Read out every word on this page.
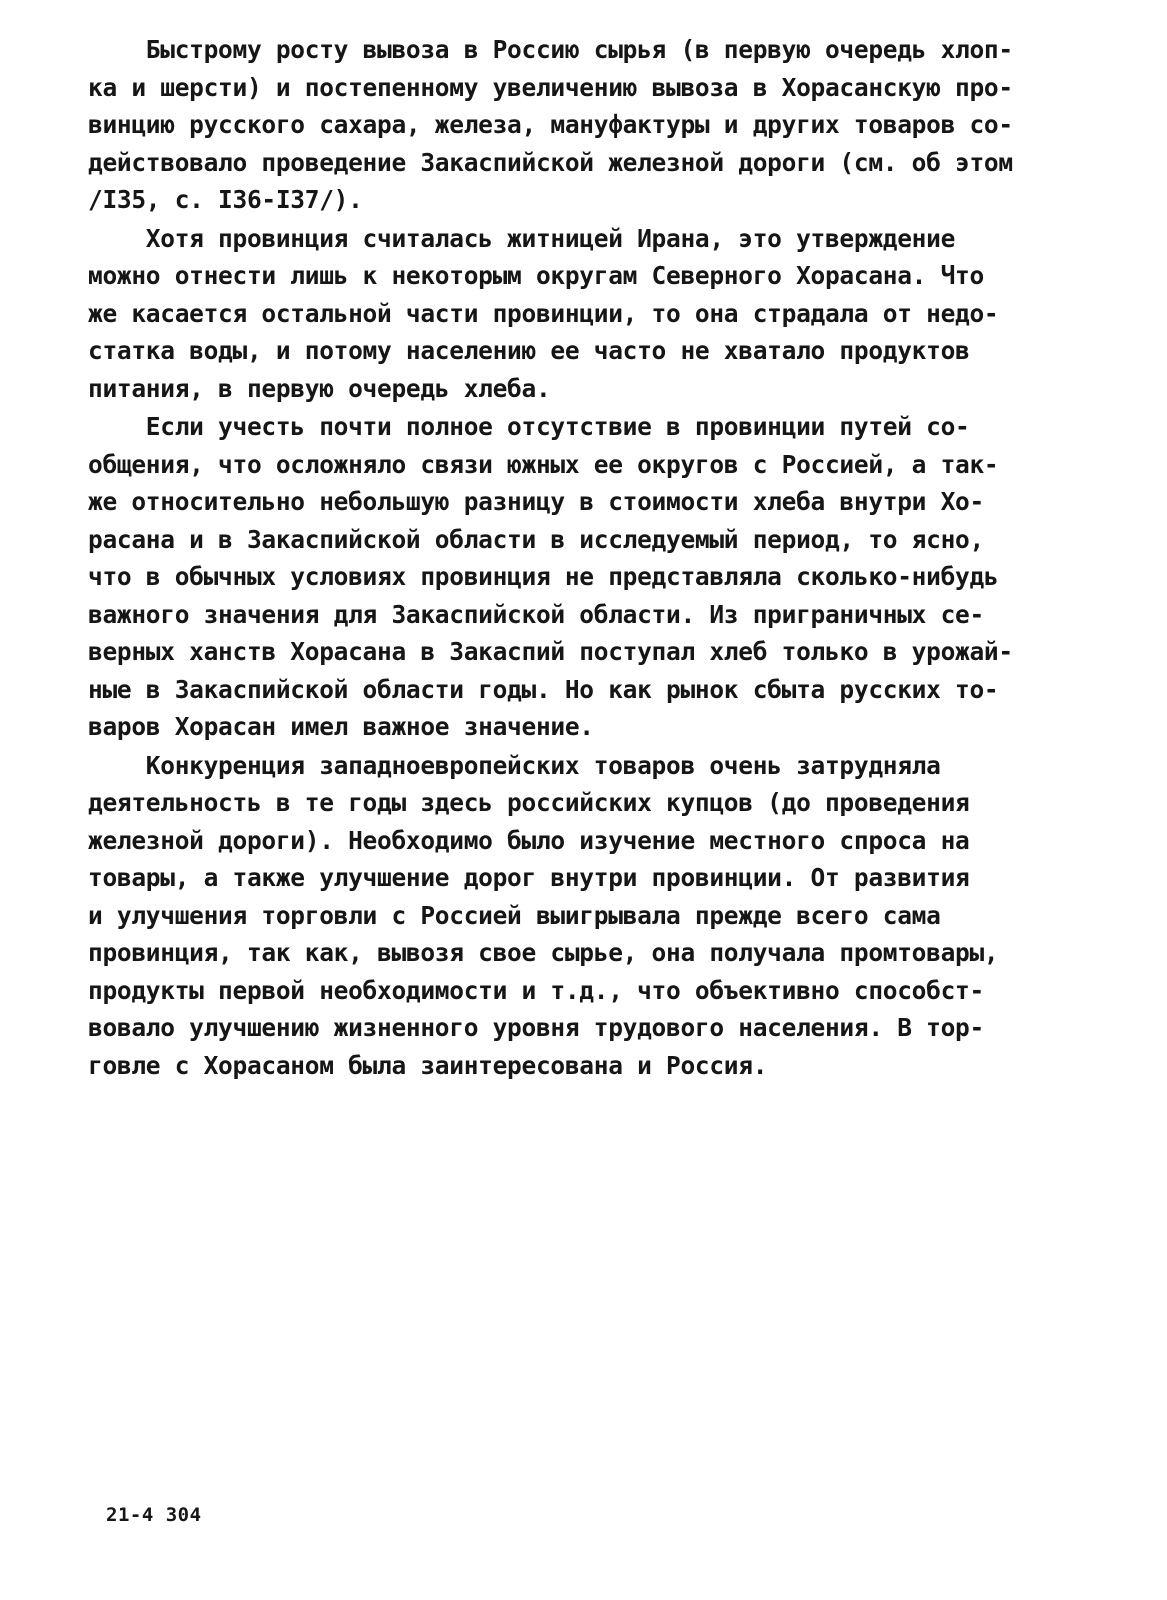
Быстрому росту вывоза в Россию сырья (в первую очередь хлоп-
ка и шерсти) и постепенному увеличению вывоза в Хорасанскую про-
винцию русского сахара, железа, мануфактуры и других товаров со-
действовало проведение Закаспийской железной дороги (см. об этом
/I35, с. I36-I37/).

Хотя провинция считалась житницей Ирана, это утверждение
можно отнести лишь к некоторым округам Северного Хорасана. Что
же касается остальной части провинции, то она страдала от недо-
статка воды, и потому населению ее часто не хватало продуктов
питания, в первую очередь хлеба.

Если учесть почти полное отсутствие в провинции путей со-
общения, что осложняло связи южных ее округов с Россией, а так-
же относительно небольшую разницу в стоимости хлеба внутри Хо-
расана и в Закаспийской области в исследуемый период, то ясно,
что в обычных условиях провинция не представляла сколько-нибудь
важного значения для Закаспийской области. Из приграничных се-
верных ханств Хорасана в Закаспий поступал хлеб только в урожай-
ные в Закаспийской области годы. Но как рынок сбыта русских то-
варов Хорасан имел важное значение.

Конкуренция западноевропейских товаров очень затрудняла
деятельность в те годы здесь российских купцов (до проведения
железной дороги). Необходимо было изучение местного спроса на
товары, а также улучшение дорог внутри провинции. От развития
и улучшения торговли с Россией выигрывала прежде всего сама
провинция, так как, вывозя свое сырье, она получала промтовары,
продукты первой необходимости и т.д., что объективно способст-
вовало улучшению жизненного уровня трудового населения. В тор-
говле с Хорасаном была заинтересована и Россия.

21-4 304
